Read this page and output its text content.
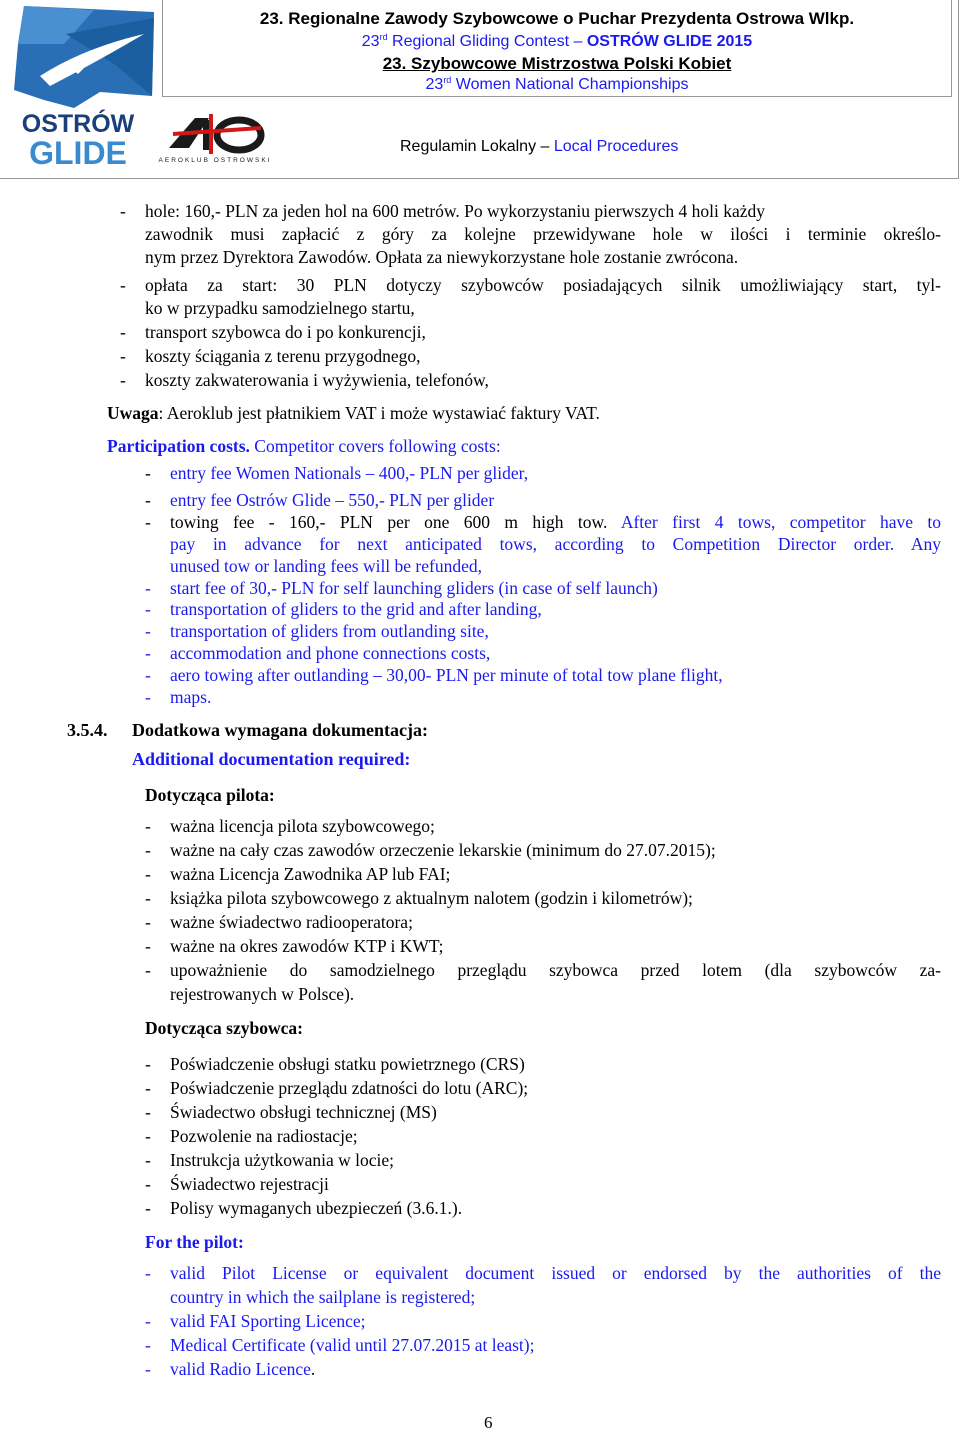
OSTRÓW
GLIDE	AEROKLUB OSTROWSKI
23. Regionalne Zawody Szybowcowe o Puchar Prezydenta Ostrowa Wlkp.
23rd Regional Gliding Contest – OSTRÓW GLIDE 2015
23. Szybowcowe Mistrzostwa Polski Kobiet
23rd Women National Championships
Regulamin Lokalny – Local Procedures
- hole: 160,- PLN za jeden hol na 600 metrów. Po wykorzystaniu pierwszych 4 holi każdy
zawodnik musi zapłacić z góry za kolejne przewidywane hole w ilości i terminie określo-
nym przez Dyrektora Zawodów. Opłata za niewykorzystane hole zostanie zwrócona.
- opłata za start: 30 PLN dotyczy szybowców posiadających silnik umożliwiający start, tyl-
ko w przypadku samodzielnego startu,
- transport szybowca do i po konkurencji,
- koszty ściągania z terenu przygodnego,
- koszty zakwaterowania i wyżywienia, telefonów,
Uwaga: Aeroklub jest płatnikiem VAT i może wystawiać faktury VAT.
Participation costs. Competitor covers following costs:
- entry fee Women Nationals – 400,- PLN per glider,
- entry fee Ostrów Glide – 550,- PLN per glider
- towing fee - 160,- PLN per one 600 m high tow. After first 4 tows, competitor have to
pay in advance for next anticipated tows, according to Competition Director order. Any
unused tow or landing fees will be refunded,
- start fee of 30,- PLN for self launching gliders (in case of self launch)
- transportation of gliders to the grid and after landing,
- transportation of gliders from outlanding site,
- accommodation and phone connections costs,
- aero towing after outlanding – 30,00- PLN per minute of total tow plane flight,
- maps.
3.5.4. Dodatkowa wymagana dokumentacja:
Additional documentation required:
Dotycząca pilota:
- ważna licencja pilota szybowcowego;
- ważne na cały czas zawodów orzeczenie lekarskie (minimum do 27.07.2015);
- ważna Licencja Zawodnika AP lub FAI;
- książka pilota szybowcowego z aktualnym nalotem (godzin i kilometrów);
- ważne świadectwo radiooperatora;
- ważne na okres zawodów KTP i KWT;
- upoważnienie do samodzielnego przeglądu szybowca przed lotem (dla szybowców za-
rejestrowanych w Polsce).
Dotycząca szybowca:
- Poświadczenie obsługi statku powietrznego (CRS)
- Poświadczenie przeglądu zdatności do lotu (ARC);
- Świadectwo obsługi technicznej (MS)
- Pozwolenie na radiostacje;
- Instrukcja użytkowania w locie;
- Świadectwo rejestracji
- Polisy wymaganych ubezpieczeń (3.6.1.).
For the pilot:
- valid Pilot License or equivalent document issued or endorsed by the authorities of the
country in which the sailplane is registered;
- valid FAI Sporting Licence;
- Medical Certificate (valid until 27.07.2015 at least);
- valid Radio Licence.
6
